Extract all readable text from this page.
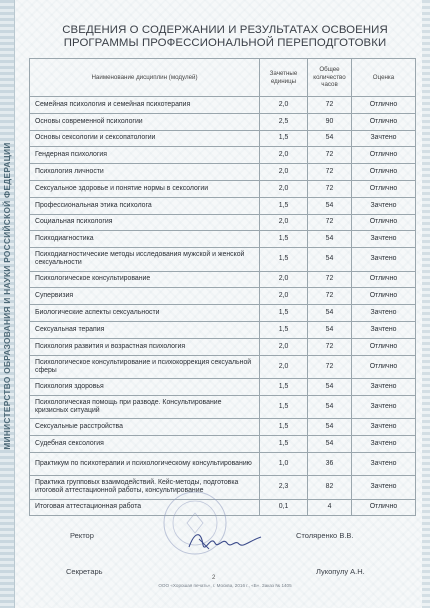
МИНИСТЕРСТВО ОБРАЗОВАНИЯ И НАУКИ РОССИЙСКОЙ ФЕДЕРАЦИИ
СВЕДЕНИЯ О СОДЕРЖАНИИ И РЕЗУЛЬТАТАХ ОСВОЕНИЯ
ПРОГРАММЫ ПРОФЕССИОНАЛЬНОЙ ПЕРЕПОДГОТОВКИ
Наименование дисциплин (модулей)	Зачетные единицы	Общее количество часов	Оценка
Семейная психология и семейная психотерапия	2,0	72	Отлично
Основы современной психологии	2,5	90	Отлично
Основы сексологии и сексопатологии	1,5	54	Зачтено
Гендерная психология	2,0	72	Отлично
Психология личности	2,0	72	Отлично
Сексуальное здоровье и понятие нормы в сексологии	2,0	72	Отлично
Профессиональная этика психолога	1,5	54	Зачтено
Социальная психология	2,0	72	Отлично
Психодиагностика	1,5	54	Зачтено
Психодиагностические методы исследования мужской и женской сексуальности	1,5	54	Зачтено
Психологическое консультирование	2,0	72	Отлично
Супервизия	2,0	72	Отлично
Биологические аспекты сексуальности	1,5	54	Зачтено
Сексуальная терапия	1,5	54	Зачтено
Психология развития и возрастная психология	2,0	72	Отлично
Психологическое консультирование и психокоррекция сексуальной сферы	2,0	72	Отлично
Психология здоровья	1,5	54	Зачтено
Психологическая помощь при разводе. Консультирование кризисных ситуаций	1,5	54	Зачтено
Сексуальные расстройства	1,5	54	Зачтено
Судебная сексология	1,5	54	Зачтено
Практикум по психотерапии и психологическому консультированию	1,0	36	Зачтено
Практика групповых взаимодействий. Кейс-методы, подготовка итоговой аттестационной работы, консультирование	2,3	82	Зачтено
Итоговая аттестационная работа	0,1	4	Отлично
Ректор	Столяренко В.В.
Секретарь	Лукопулу А.Н.
2
ООО «Хорошая печать», г. Москва, 2016 г., «Б». Заказ № 1405
